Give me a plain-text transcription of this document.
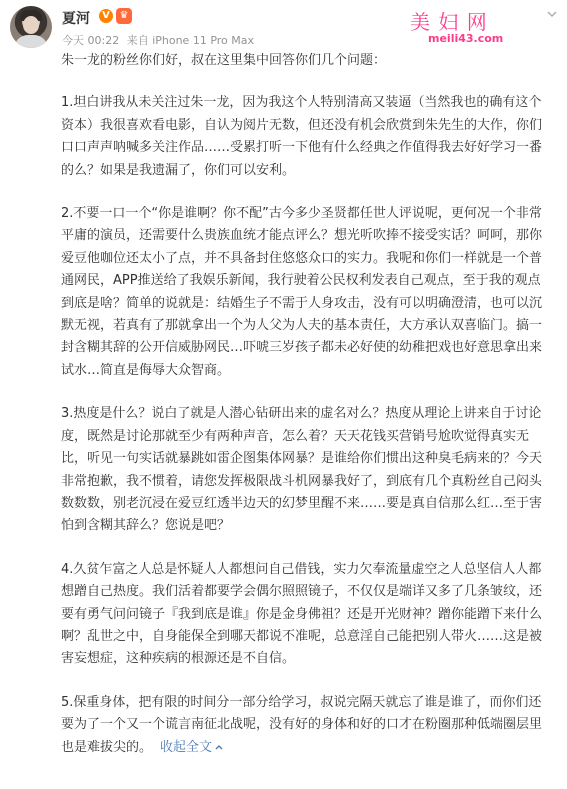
夏河	V ♛
今天 00:22 来自 iPhone 11 Pro Max
美 妇 网
meili43.com

朱一龙的粉丝你们好，叔在这里集中回答你们几个问题：

1.坦白讲我从未关注过朱一龙，因为我这个人特别清高又装逼（当然我也的确有这个资本）我很喜欢看电影，自认为阅片无数，但还没有机会欣赏到朱先生的大作，你们口口声声呐喊多关注作品……受累打听一下他有什么经典之作值得我去好好学习一番的么？如果是我遗漏了，你们可以安利。

2.不要一口一个“你是谁啊？你不配”古今多少圣贤都任世人评说呢，更何况一个非常平庸的演员，还需要什么贵族血统才能点评么？想光听吹捧不接受实话？呵呵，那你爱豆他咖位还太小了点，并不具备封住悠悠众口的实力。我呢和你们一样就是一个普通网民，APP推送给了我娱乐新闻，我行驶着公民权利发表自己观点，至于我的观点到底是啥？简单的说就是：结婚生子不需于人身攻击，没有可以明确澄清，也可以沉默无视，若真有了那就拿出一个为人父为人夫的基本责任，大方承认双喜临门。搞一封含糊其辞的公开信威胁网民…吓唬三岁孩子都未必好使的幼稚把戏也好意思拿出来试水…简直是侮辱大众智商。

3.热度是什么？说白了就是人潜心钻研出来的虚名对么？热度从理论上讲来自于讨论度，既然是讨论那就至少有两种声音，怎么着？天天花钱买营销号尬吹觉得真实无比，听见一句实话就暴跳如雷企图集体网暴？是谁给你们惯出这种臭毛病来的？今天非常抱歉，我不惯着，请您发挥极限战斗机网暴我好了，到底有几个真粉丝自己闷头数数数，别老沉浸在爱豆红透半边天的幻梦里醒不来……要是真自信那么红…至于害怕到含糊其辞么？您说是吧？

4.久贫乍富之人总是怀疑人人都想问自己借钱，实力欠奉流量虚空之人总坚信人人都想蹭自己热度。我们活着都要学会偶尔照照镜子，不仅仅是端详又多了几条皱纹，还要有勇气问问镜子『我到底是谁』你是金身佛祖？还是开光财神？蹭你能蹭下来什么啊？乱世之中，自身能保全到哪天都说不准呢，总意淫自己能把别人带火……这是被害妄想症，这种疾病的根源还是不自信。

5.保重身体，把有限的时间分一部分给学习，叔说完隔天就忘了谁是谁了，而你们还要为了一个又一个谎言南征北战呢，没有好的身体和好的口才在粉圈那种低端圈层里也是难拔尖的。 收起全文
